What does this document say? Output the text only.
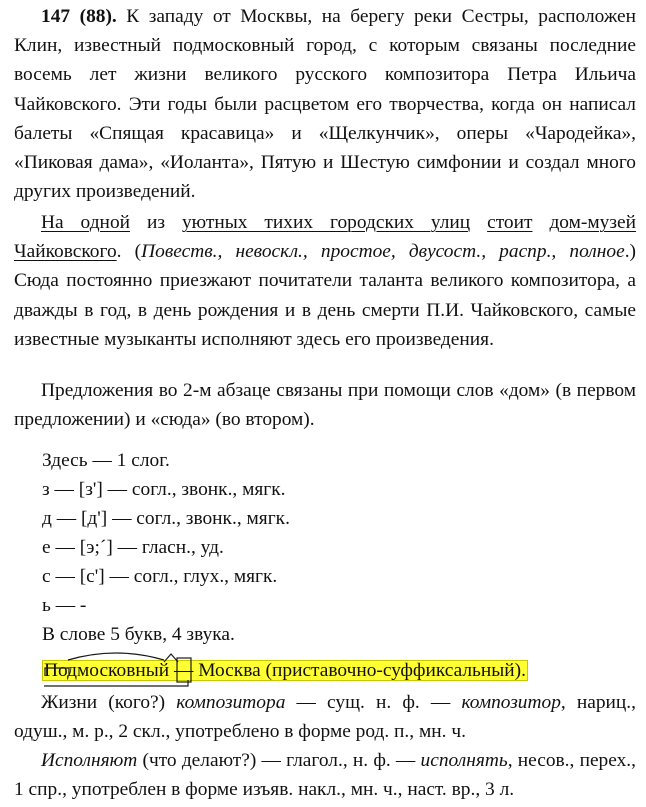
147 (88). К западу от Москвы, на берегу реки Сестры, расположен Клин, известный подмосковный город, с которым связаны последние восемь лет жизни великого русского композитора Петра Ильича Чайковского. Эти годы были расцветом его творчества, когда он написал балеты «Спящая красавица» и «Щелкунчик», оперы «Чародейка», «Пиковая дама», «Иоланта», Пятую и Шестую симфонии и создал много других произведений.

На одной из уютных тихих городских улиц стоит дом-музей Чайковского. (Повеств., невоскл., простое, двусост., распр., полное.) Сюда постоянно приезжают почитатели таланта великого композитора, а дважды в год, в день рождения и в день смерти П.И. Чайковского, самые известные музыканты исполняют здесь его произведения.

Предложения во 2-м абзаце связаны при помощи слов «дом» (в первом предложении) и «сюда» (во втором).

Здесь — 1 слог.

з — [з'] — согл., звонк., мягк.

д — [д'] — согл., звонк., мягк.

е — [э;´] — гласн., уд.

с — [с'] — согл., глух., мягк.

ь — -

В слове 5 букв, 4 звука.

Подмосковный — Москва (приставочно-суффиксальный).

Жизни (кого?) композитора — сущ. н. ф. — композитор, нариц., одуш., м. р., 2 скл., употреблено в форме род. п., мн. ч.

Исполняют (что делают?) — глагол., н. ф. — исполнять, несов., перех., 1 спр., употреблен в форме изъяв. накл., мн. ч., наст. вр., 3 л.
